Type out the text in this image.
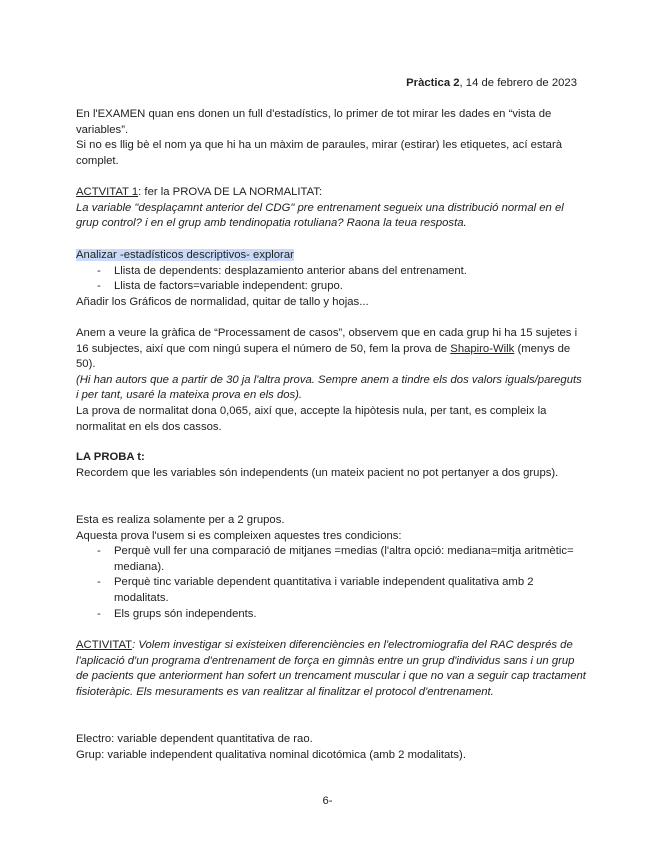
Pràctica 2, 14 de febrero de 2023

En l'EXAMEN quan ens donen un full d'estadístics, lo primer de tot mirar les dades en “vista de variables”.

Si no es llig bè el nom ya que hi ha un màxim de paraules, mirar (estirar) les etiquetes, ací estarà complet.

ACTVITAT 1: fer la PROVA DE LA NORMALITAT:

La variable "desplaçamnt anterior del CDG" pre entrenament segueix una distribució normal en el grup control? i en el grup amb tendinopatia rotuliana? Raona la teua resposta.

Analizar -estadísticos descriptivos- explorar

- Llista de dependents: desplazamiento anterior abans del entrenament.
- Llista de factors=variable independent: grupo.

Añadir los Gráficos de normalidad, quitar de tallo y hojas...

Anem a veure la gràfica de “Processament de casos”, observem que en cada grup hi ha 15 sujetes i 16 subjectes, així que com ningú supera el número de 50, fem la prova de Shapiro-Wilk (menys de 50).

(Hi han autors que a partir de 30 ja l'altra prova. Sempre anem a tindre els dos valors iguals/pareguts i per tant, usaré la mateixa prova en els dos).

La prova de normalitat dona 0,065, així que, accepte la hipòtesis nula, per tant, es compleix la normalitat en els dos cassos.

LA PROBA t:

Recordem que les variables són independents (un mateix pacient no pot pertanyer a dos grups).

Esta es realiza solamente per a 2 grupos.

Aquesta prova l'usem si es compleixen aquestes tres condicions:

- Perquè vull fer una comparació de mitjanes =medias (l'altra opció: mediana=mitja aritmètic= mediana).
- Perquè tinc variable dependent quantitativa i variable independent qualitativa amb 2 modalitats.
- Els grups són independents.

ACTIVITAT: Volem investigar si existeixen diferenciències en l'electromiografia del RAC després de l'aplicació d'un programa d'entrenament de força en gimnàs entre un grup d'individus sans i un grup de pacients que anteriorment han sofert un trencament muscular i que no van a seguir cap tractament fisioteràpic. Els mesuraments es van realitzar al finalitzar el protocol d'entrenament.

Electro: variable dependent quantitativa de rao.

Grup: variable independent qualitativa nominal dicotómica (amb 2 modalitats).

6-
